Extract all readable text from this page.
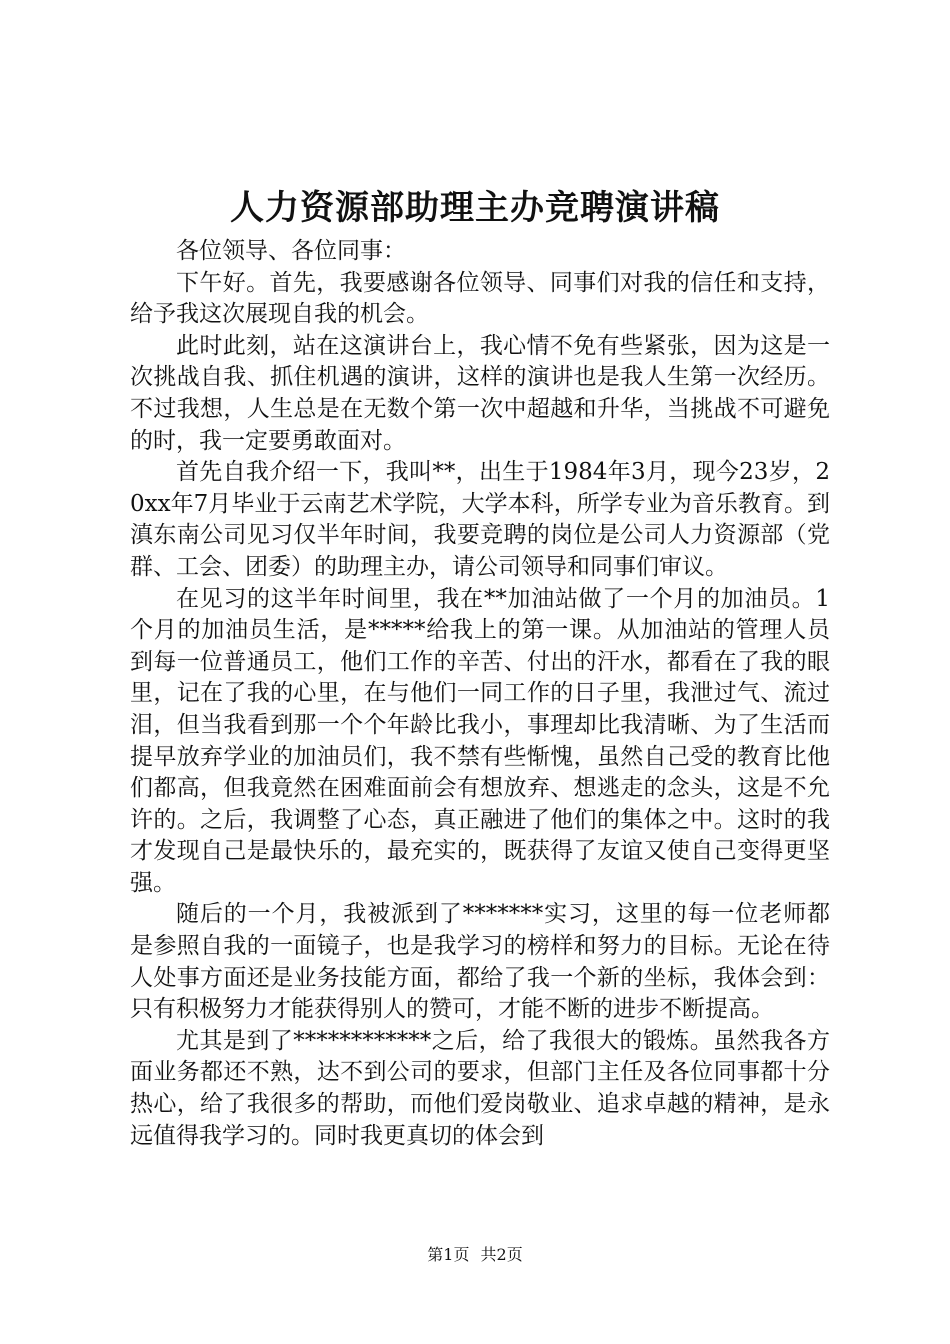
人力资源部助理主办竞聘演讲稿

各位领导、各位同事：

下午好。首先，我要感谢各位领导、同事们对我的信任和支持，给予我这次展现自我的机会。

此时此刻，站在这演讲台上，我心情不免有些紧张，因为这是一次挑战自我、抓住机遇的演讲，这样的演讲也是我人生第一次经历。不过我想，人生总是在无数个第一次中超越和升华，当挑战不可避免的时，我一定要勇敢面对。

首先自我介绍一下，我叫**，出生于1984年3月，现今23岁，20xx年7月毕业于云南艺术学院，大学本科，所学专业为音乐教育。到滇东南公司见习仅半年时间，我要竞聘的岗位是公司人力资源部（党群、工会、团委）的助理主办，请公司领导和同事们审议。

在见习的这半年时间里，我在**加油站做了一个月的加油员。1个月的加油员生活，是*****给我上的第一课。从加油站的管理人员到每一位普通员工，他们工作的辛苦、付出的汗水，都看在了我的眼里，记在了我的心里，在与他们一同工作的日子里，我泄过气、流过泪，但当我看到那一个个年龄比我小，事理却比我清晰、为了生活而提早放弃学业的加油员们，我不禁有些惭愧，虽然自己受的教育比他们都高，但我竟然在困难面前会有想放弃、想逃走的念头，这是不允许的。之后，我调整了心态，真正融进了他们的集体之中。这时的我才发现自己是最快乐的，最充实的，既获得了友谊又使自己变得更坚强。

随后的一个月，我被派到了*******实习，这里的每一位老师都是参照自我的一面镜子，也是我学习的榜样和努力的目标。无论在待人处事方面还是业务技能方面，都给了我一个新的坐标，我体会到：只有积极努力才能获得别人的赞可，才能不断的进步不断提高。

尤其是到了************之后，给了我很大的锻炼。虽然我各方面业务都还不熟，达不到公司的要求，但部门主任及各位同事都十分热心，给了我很多的帮助，而他们爱岗敬业、追求卓越的精神，是永远值得我学习的。同时我更真切的体会到

第1页 共2页
